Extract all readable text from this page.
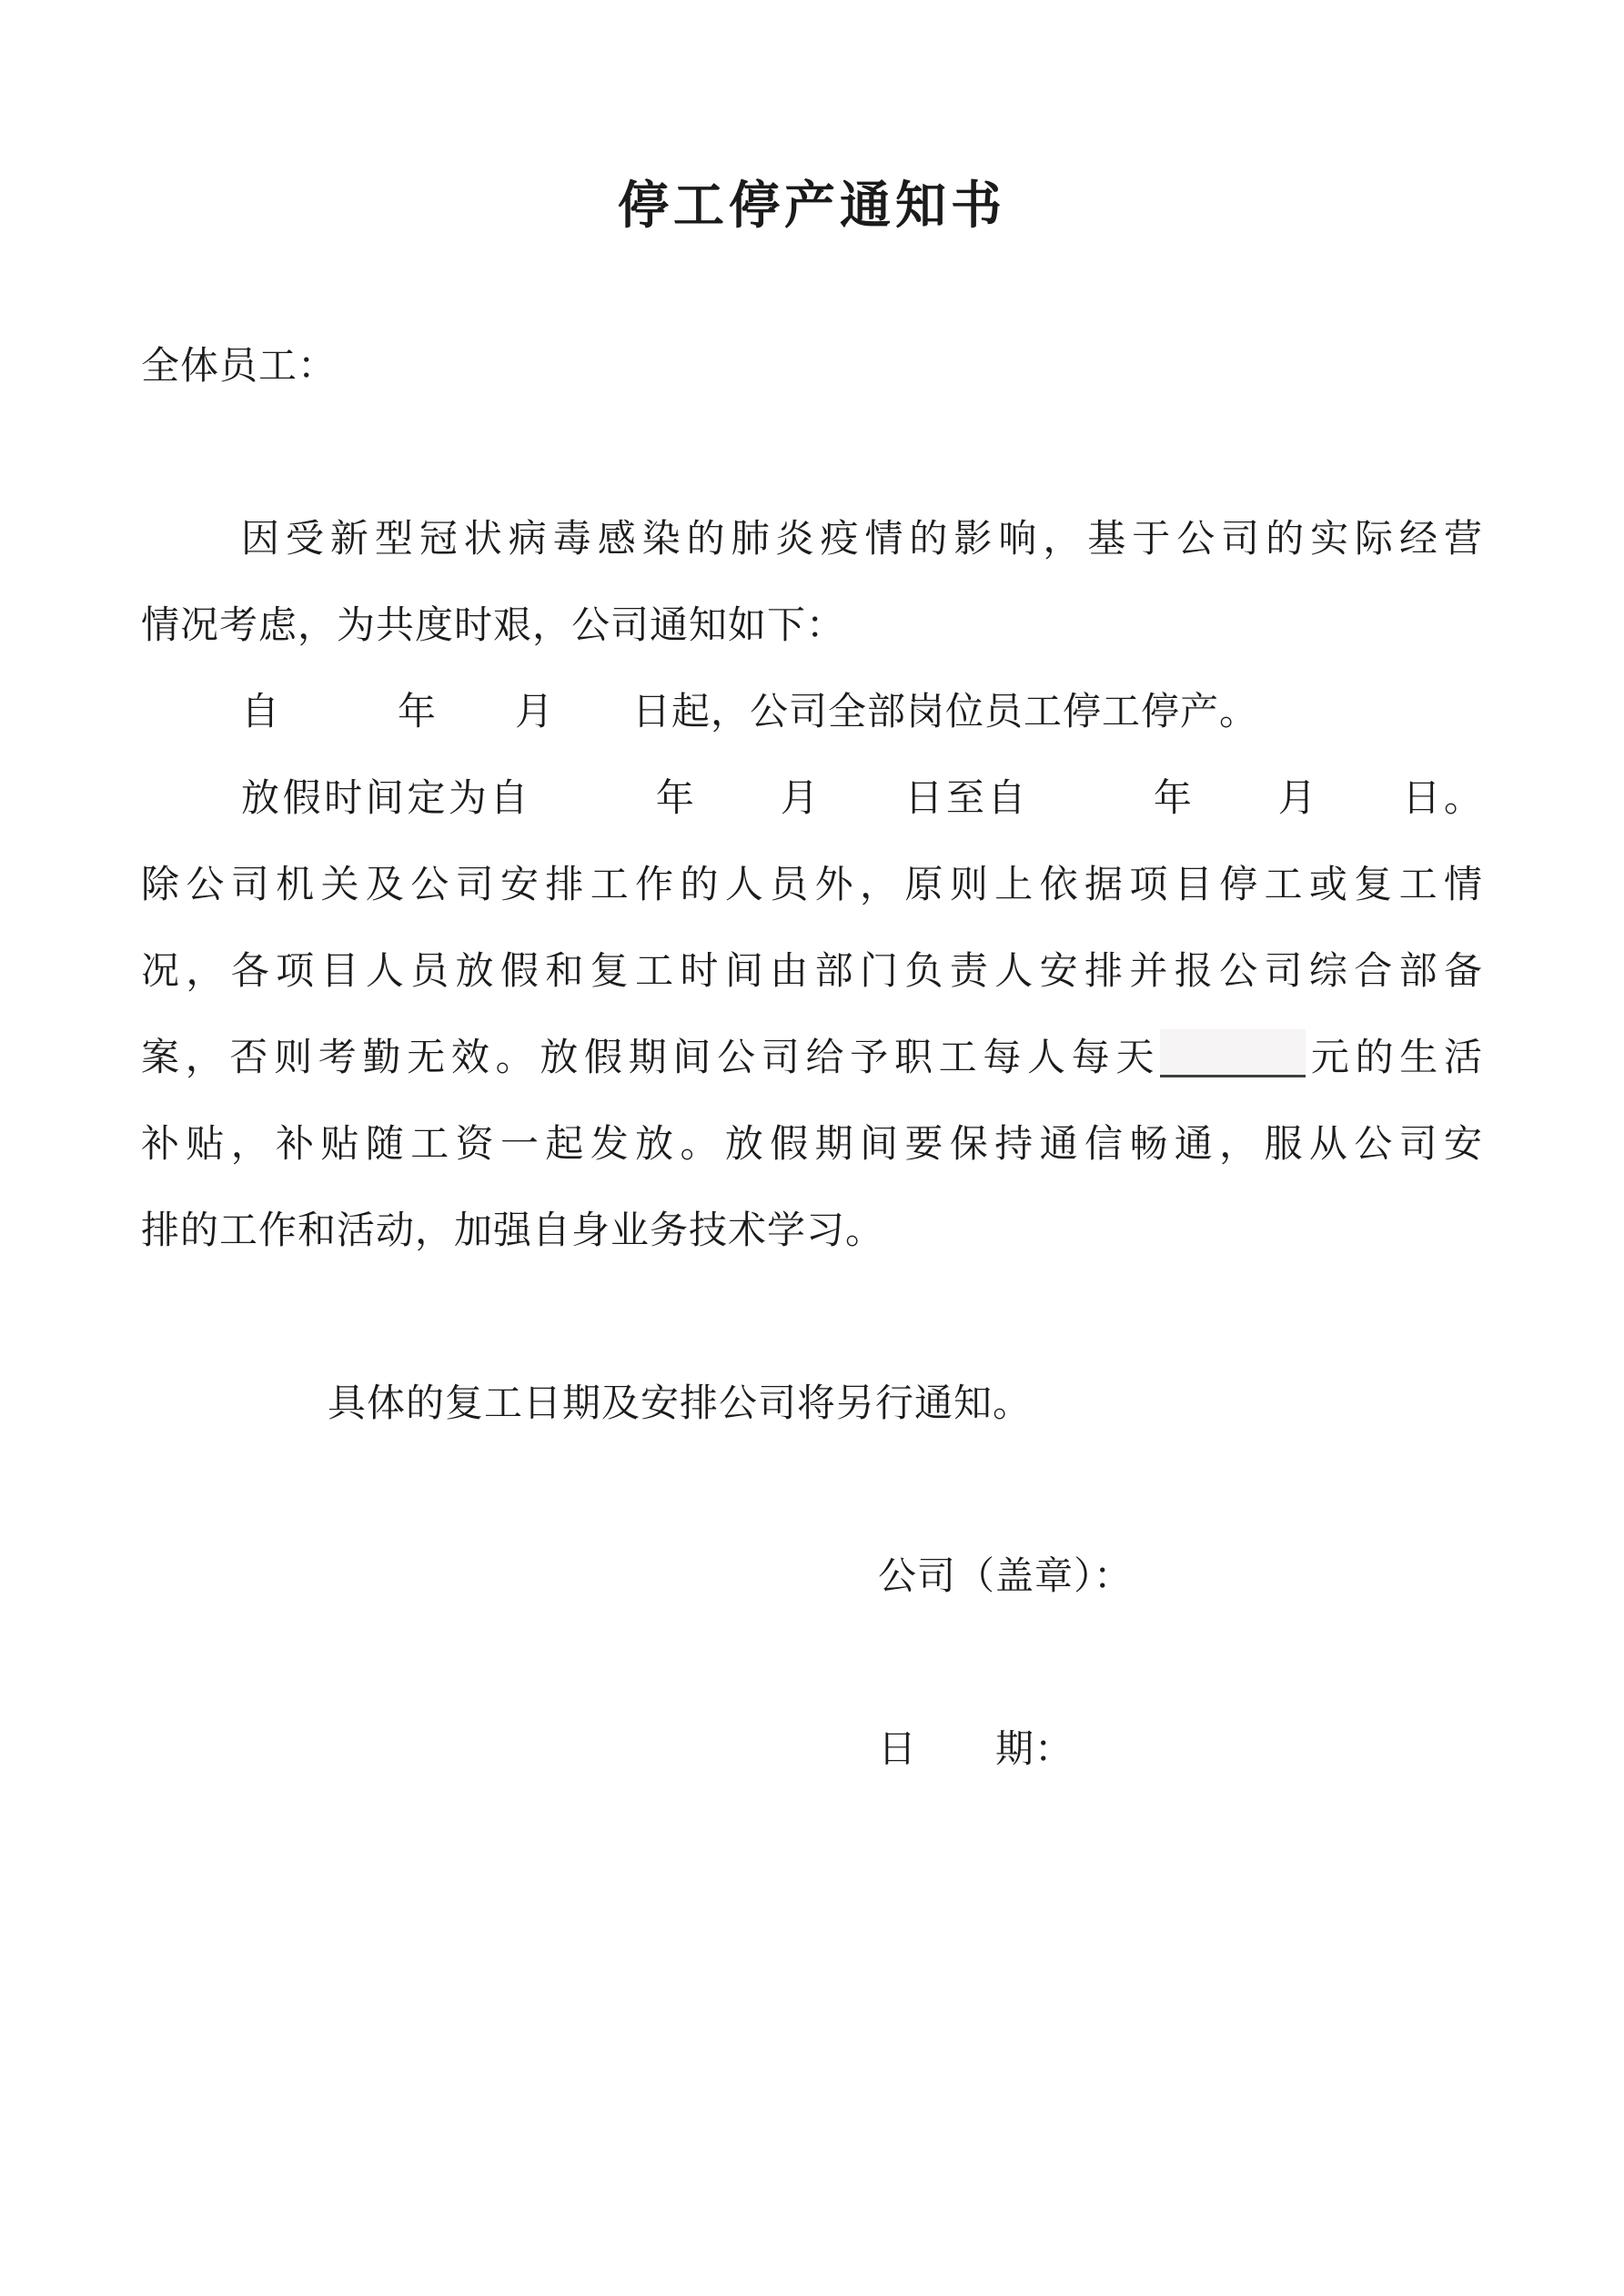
停工停产通知书
全体员工：
因受新型冠状病毒感染的肺炎疫情的影响，基于公司的实际经营
情况考虑，为共度时艰，公司通知如下：
自　　　年　　月　　日起，公司全部岗位员工停工停产。
放假时间定为自　　　年　　月　　日至自　　　年　　月　　日。
除公司机关及公司安排工作的人员外，原则上依据项目停工或复工情
况，各项目人员放假和复工时间由部门负责人安排并报公司综合部备
案，否则考勤无效。放假期间公司给予职工每人每天	元的生活
补贴，补贴随工资一起发放。放假期间要保持通信畅通，服从公司安
排的工作和活动，加强自身业务技术学习。
具体的复工日期及安排公司将另行通知。
公司（盖章）：
日　　期：
